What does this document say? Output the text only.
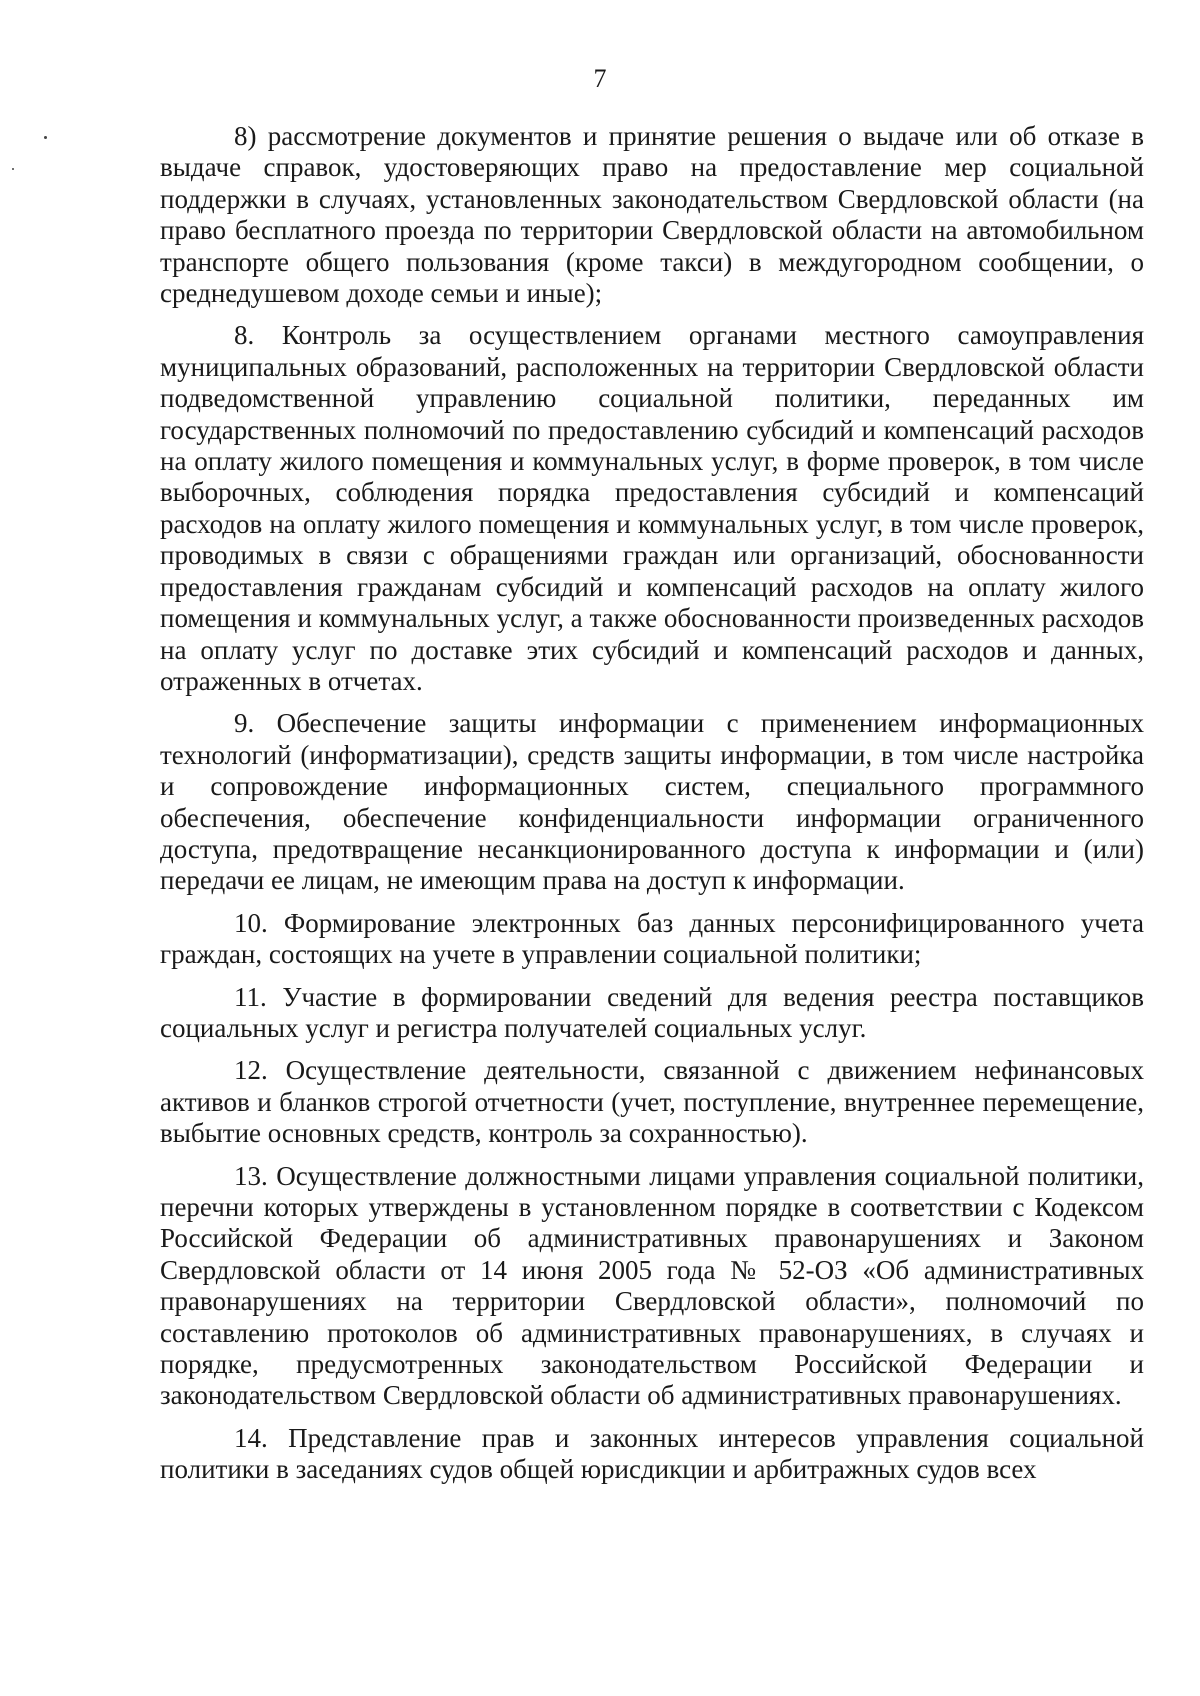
7

8) рассмотрение документов и принятие решения о выдаче или об отказе в выдаче справок, удостоверяющих право на предоставление мер социальной поддержки в случаях, установленных законодательством Свердловской области (на право бесплатного проезда по территории Свердловской области на автомобильном транспорте общего пользования (кроме такси) в междугородном сообщении, о среднедушевом доходе семьи и иные);

8. Контроль за осуществлением органами местного самоуправления муниципальных образований, расположенных на территории Свердловской области подведомственной управлению социальной политики, переданных им государственных полномочий по предоставлению субсидий и компенсаций расходов на оплату жилого помещения и коммунальных услуг, в форме проверок, в том числе выборочных, соблюдения порядка предоставления субсидий и компенсаций расходов на оплату жилого помещения и коммунальных услуг, в том числе проверок, проводимых в связи с обращениями граждан или организаций, обоснованности предоставления гражданам субсидий и компенсаций расходов на оплату жилого помещения и коммунальных услуг, а также обоснованности произведенных расходов на оплату услуг по доставке этих субсидий и компенсаций расходов и данных, отраженных в отчетах.

9. Обеспечение защиты информации с применением информационных технологий (информатизации), средств защиты информации, в том числе настройка и сопровождение информационных систем, специального программного обеспечения, обеспечение конфиденциальности информации ограниченного доступа, предотвращение несанкционированного доступа к информации и (или) передачи ее лицам, не имеющим права на доступ к информации.

10. Формирование электронных баз данных персонифицированного учета граждан, состоящих на учете в управлении социальной политики;

11. Участие в формировании сведений для ведения реестра поставщиков социальных услуг и регистра получателей социальных услуг.

12. Осуществление деятельности, связанной с движением нефинансовых активов и бланков строгой отчетности (учет, поступление, внутреннее перемещение, выбытие основных средств, контроль за сохранностью).

13. Осуществление должностными лицами управления социальной политики, перечни которых утверждены в установленном порядке в соответствии с Кодексом Российской Федерации об административных правонарушениях и Законом Свердловской области от 14 июня 2005 года № 52-ОЗ «Об административных правонарушениях на территории Свердловской области», полномочий по составлению протоколов об административных правонарушениях, в случаях и порядке, предусмотренных законодательством Российской Федерации и законодательством Свердловской области об административных правонарушениях.

14. Представление прав и законных интересов управления социальной политики в заседаниях судов общей юрисдикции и арбитражных судов всех
